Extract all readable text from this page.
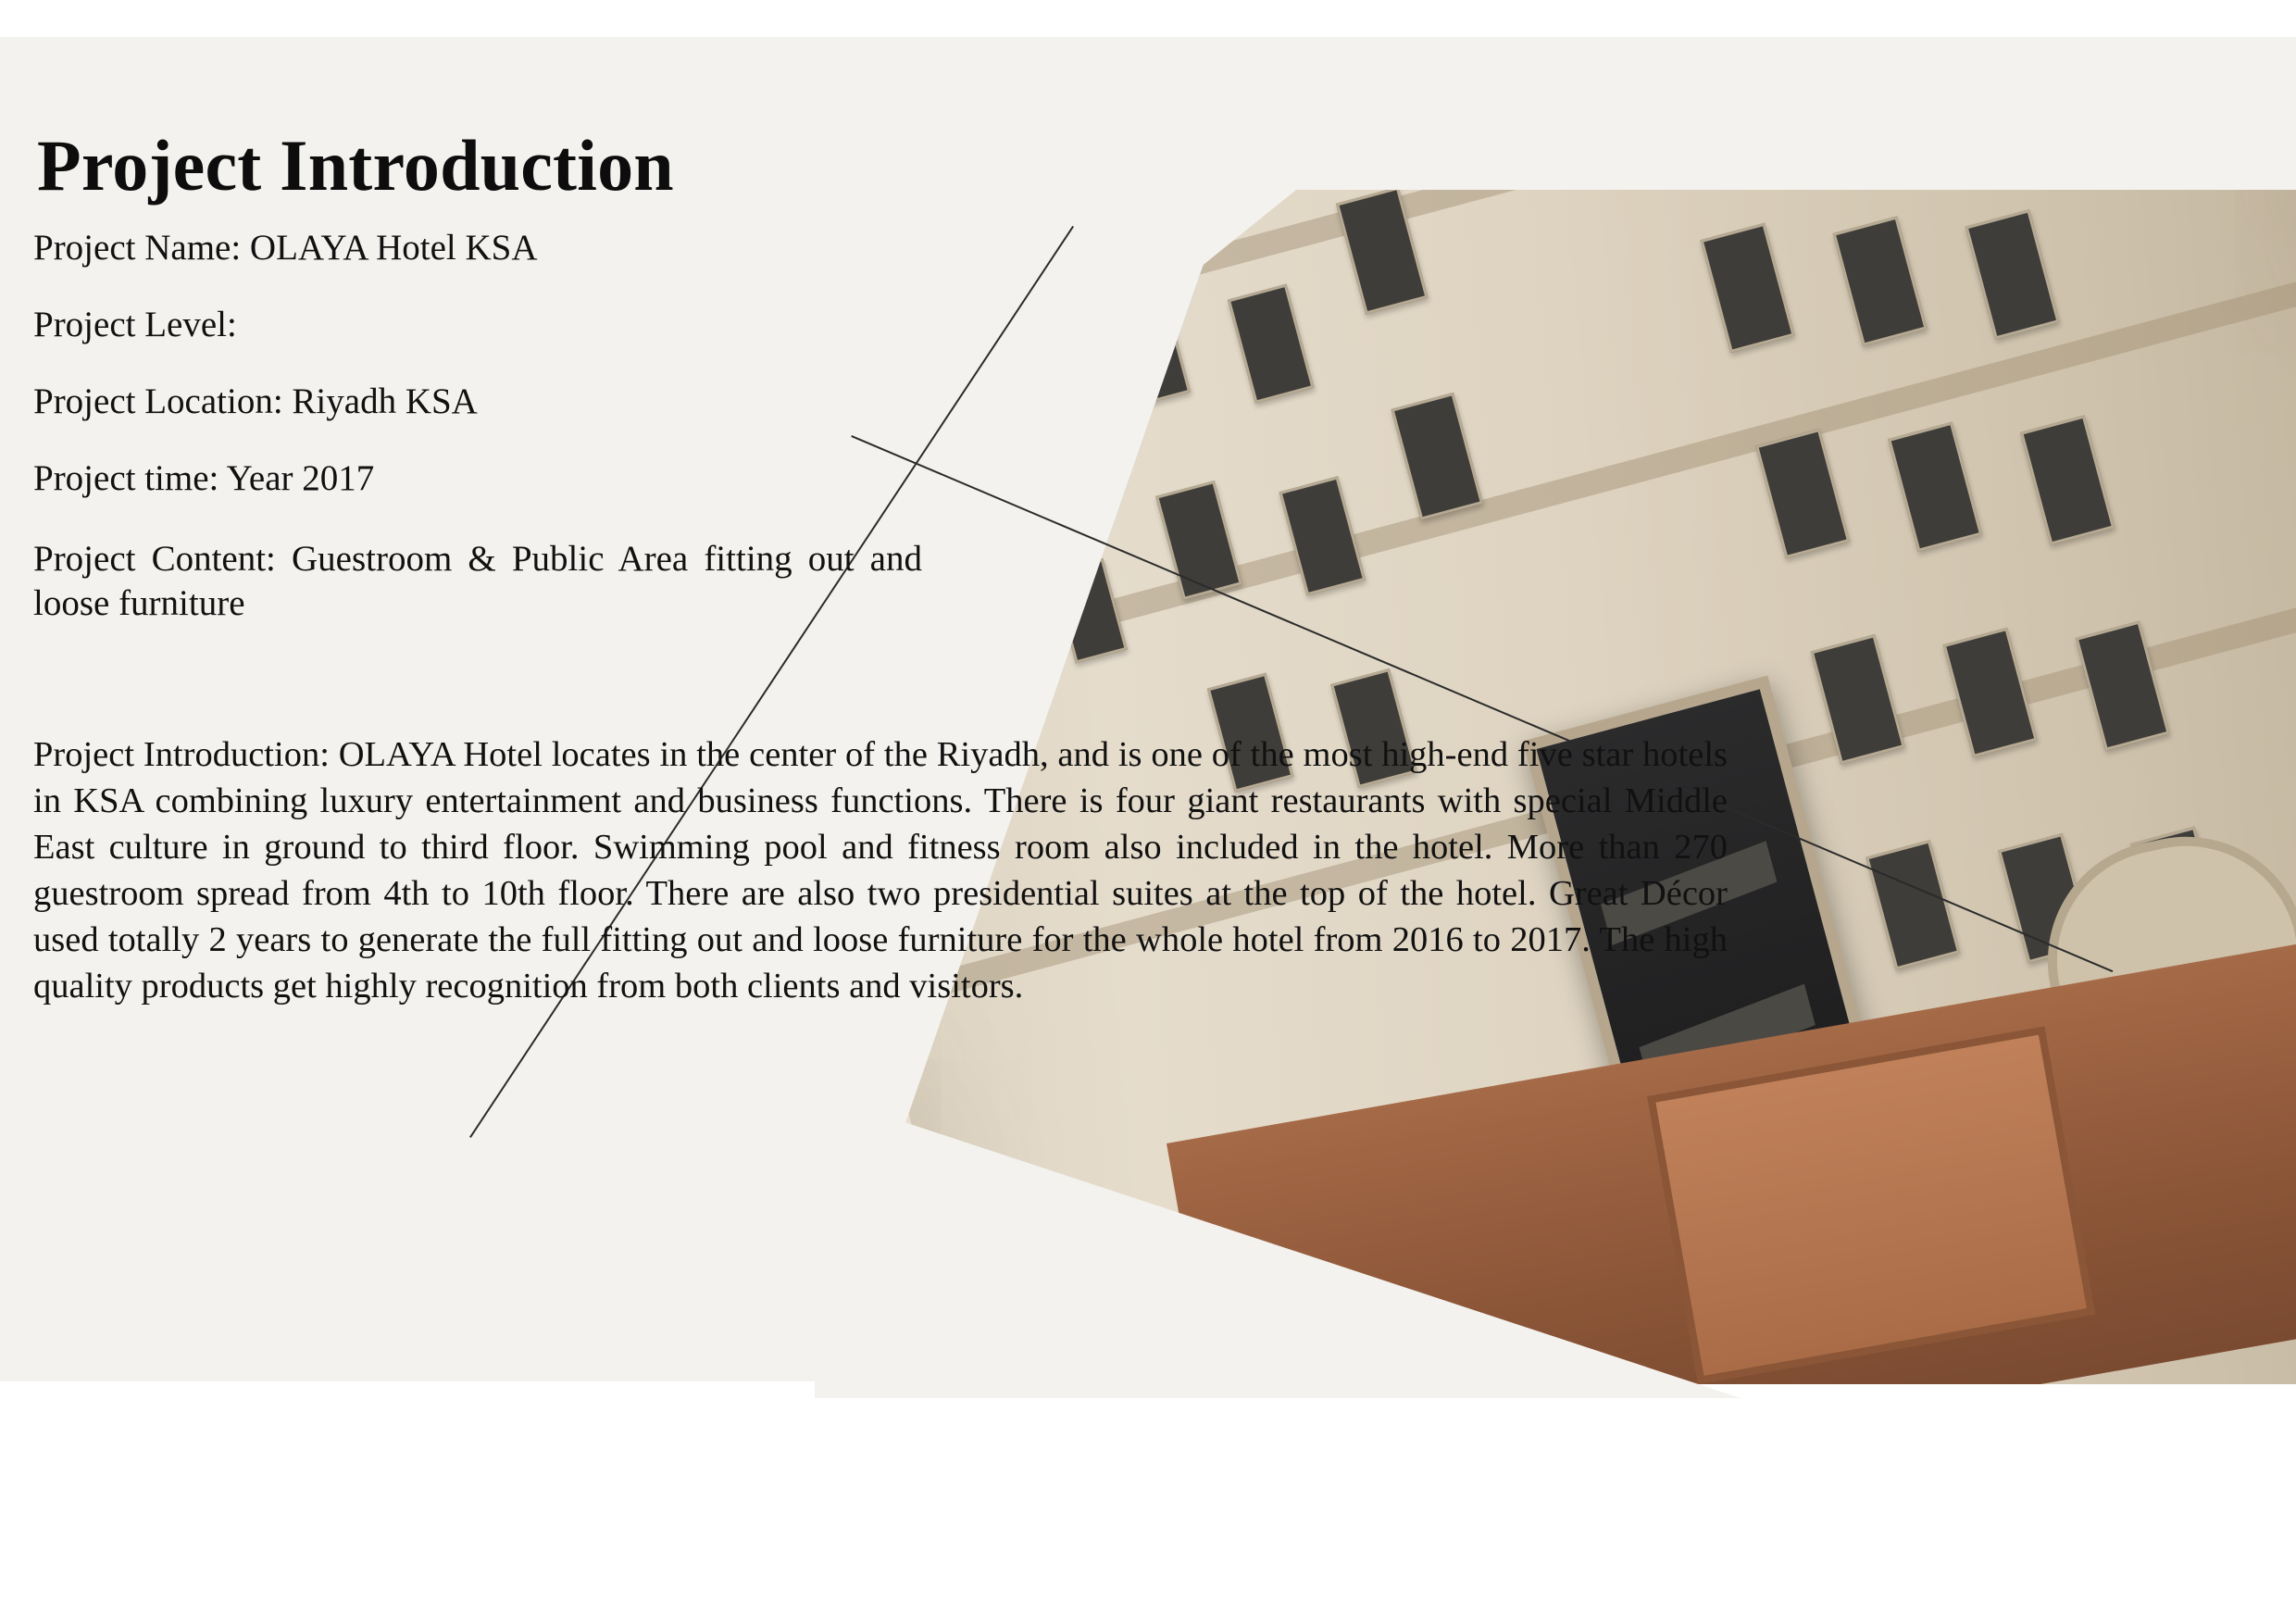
Project Introduction
Project Name: OLAYA Hotel KSA
Project Level:
Project Location: Riyadh KSA
Project time: Year 2017
Project Content: Guestroom & Public Area fitting out and loose furniture
Project Introduction: OLAYA Hotel locates in the center of the Riyadh, and is one of the most high-end five star hotels in KSA combining luxury entertainment and business functions. There is four giant restaurants with special Middle East culture in ground to third floor. Swimming pool and fitness room also included in the hotel. More than 270 guestroom spread from 4th to 10th floor. There are also two presidential suites at the top of the hotel. Great Décor used totally 2 years to generate the full fitting out and loose furniture for the whole hotel from 2016 to 2017. The high quality products get highly recognition from both clients and visitors.
